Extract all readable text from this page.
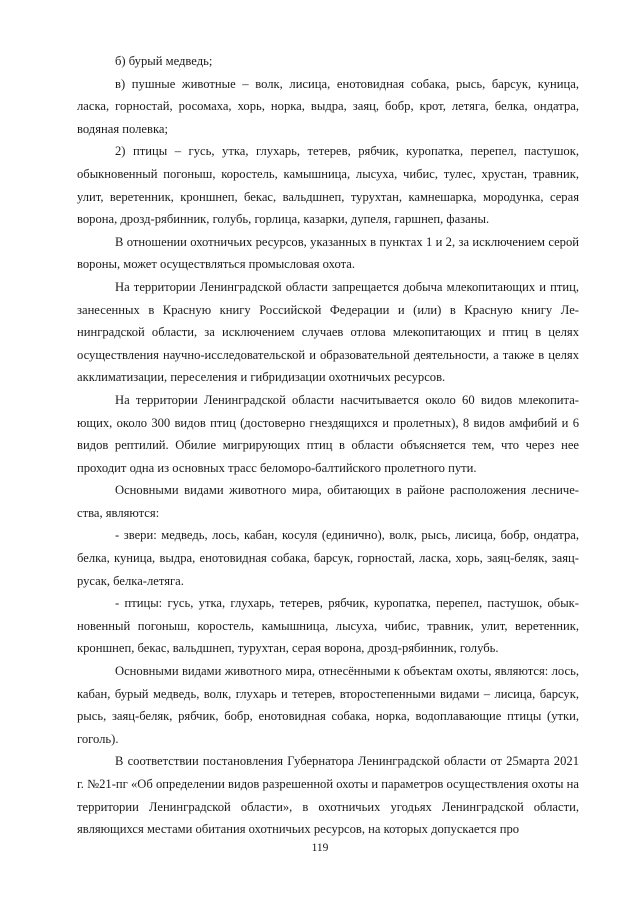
б) бурый медведь;

в) пушные животные – волк, лисица, енотовидная собака, рысь, барсук, куница, ласка, горностай, росомаха, хорь, норка, выдра, заяц, бобр, крот, летяга, белка, ондатра, водяная полевка;

2) птицы – гусь, утка, глухарь, тетерев, рябчик, куропатка, перепел, пастушок, обыкновенный погоныш, коростель, камышница, лысуха, чибис, тулес, хрустан, травник, улит, веретенник, кроншнеп, бекас, вальдшнеп, турухтан, камнешарка, мородунка, серая ворона, дрозд-рябинник, голубь, горлица, казарки, дупеля, гаршнеп, фазаны.

В отношении охотничьих ресурсов, указанных в пунктах 1 и 2, за исключением серой вороны, может осуществляться промысловая охота.

На территории Ленинградской области запрещается добыча млекопитающих и птиц, занесенных в Красную книгу Российской Федерации и (или) в Красную книгу Ленинградской области, за исключением случаев отлова млекопитающих и птиц в целях осуществления научно-исследовательской и образовательной деятельности, а также в целях акклиматизации, переселения и гибридизации охотничьих ресурсов.

На территории Ленинградской области насчитывается около 60 видов млекопитающих, около 300 видов птиц (достоверно гнездящихся и пролетных), 8 видов амфибий и 6 видов рептилий. Обилие мигрирующих птиц в области объясняется тем, что через нее проходит одна из основных трасс беломоро-балтийского пролетного пути.

Основными видами животного мира, обитающих в районе расположения лесничества, являются:

- звери: медведь, лось, кабан, косуля (единично), волк, рысь, лисица, бобр, ондатра, белка, куница, выдра, енотовидная собака, барсук, горностай, ласка, хорь, заяц-беляк, заяц-русак, белка-летяга.

- птицы: гусь, утка, глухарь, тетерев, рябчик, куропатка, перепел, пастушок, обыкновенный погоныш, коростель, камышница, лысуха, чибис, травник, улит, веретенник, кроншнеп, бекас, вальдшнеп, турухтан, серая ворона, дрозд-рябинник, голубь.

Основными видами животного мира, отнесёнными к объектам охоты, являются: лось, кабан, бурый медведь, волк, глухарь и тетерев, второстепенными видами – лисица, барсук, рысь, заяц-беляк, рябчик, бобр, енотовидная собака, норка, водоплавающие птицы (утки, гоголь).

В соответствии постановления Губернатора Ленинградской области от 25марта 2021 г. №21-пг «Об определении видов разрешенной охоты и параметров осуществления охоты на территории Ленинградской области», в охотничьих угодьях Ленинградской области, являющихся местами обитания охотничьих ресурсов, на которых допускается про

119
